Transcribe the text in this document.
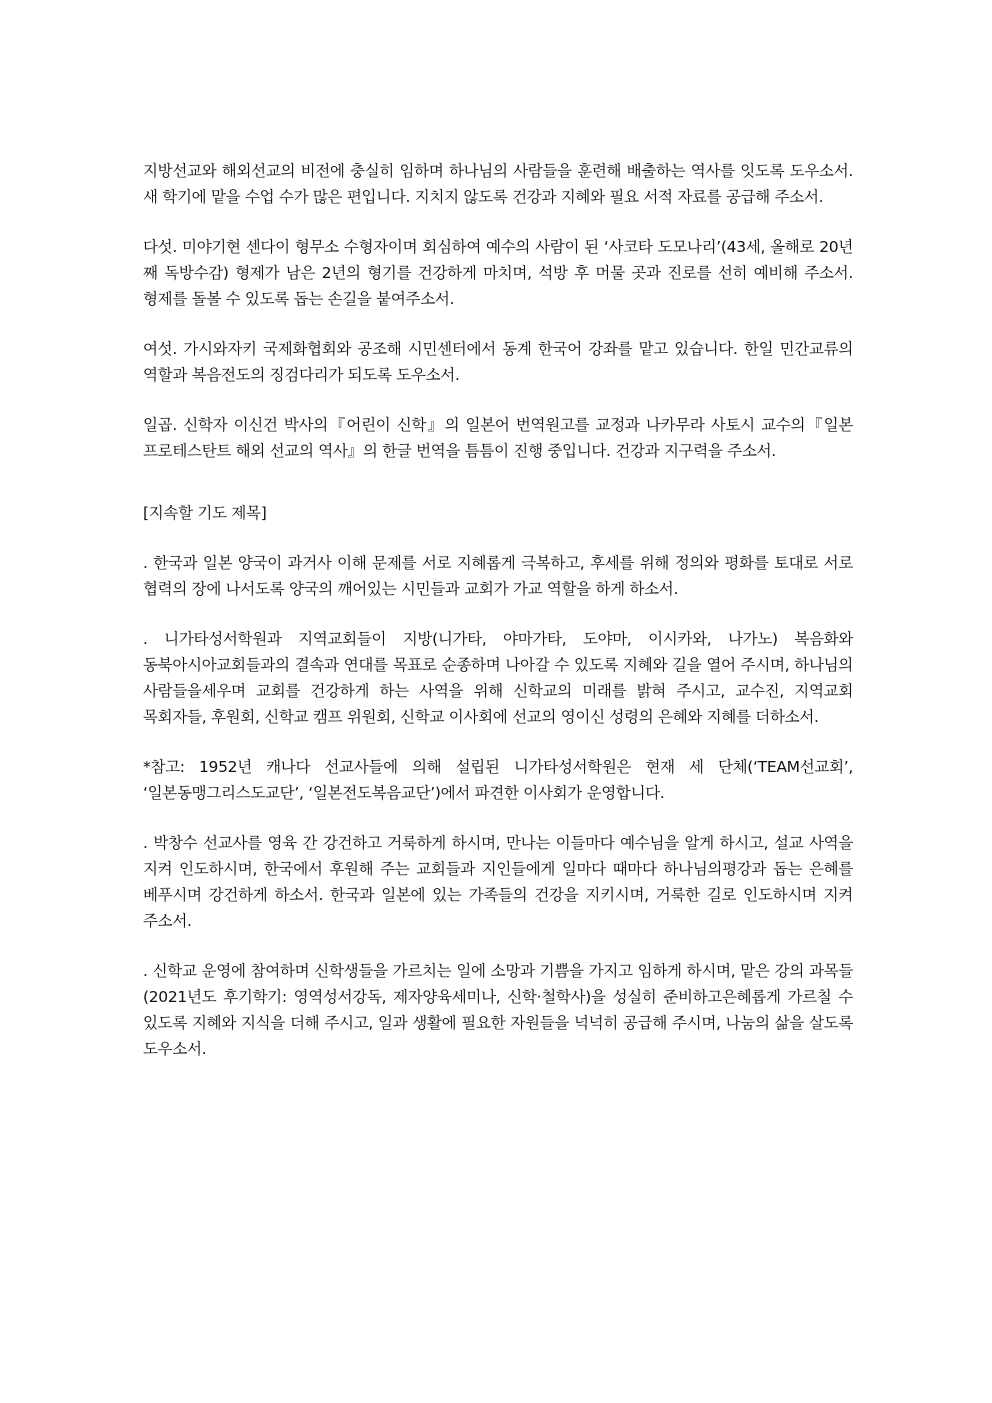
지방선교와 해외선교의 비전에 충실히 임하며 하나님의 사람들을 훈련해 배출하는 역사를 잇도록 도우소서. 새 학기에 맡을 수업 수가 많은 편입니다. 지치지 않도록 건강과 지혜와 필요 서적 자료를 공급해 주소서.

다섯. 미야기현 센다이 형무소 수형자이며 회심하여 예수의 사람이 된 ‘사코타 도모나리’(43세, 올해로 20년 째 독방수감) 형제가 남은 2년의 형기를 건강하게 마치며, 석방 후 머물 곳과 진로를 선히 예비해 주소서. 형제를 돌볼 수 있도록 돕는 손길을 붙여주소서.

여섯. 가시와자키 국제화협회와 공조해 시민센터에서 동계 한국어 강좌를 맡고 있습니다. 한일 민간교류의 역할과 복음전도의 징검다리가 되도록 도우소서.

일곱. 신학자 이신건 박사의『어린이 신학』의 일본어 번역원고를 교정과 나카무라 사토시 교수의『일본 프로테스탄트 해외 선교의 역사』의 한글 번역을 틈틈이 진행 중입니다. 건강과 지구력을 주소서.

[지속할 기도 제목]

. 한국과 일본 양국이 과거사 이해 문제를 서로 지혜롭게 극복하고, 후세를 위해 정의와 평화를 토대로 서로 협력의 장에 나서도록 양국의 깨어있는 시민들과 교회가 가교 역할을 하게 하소서.

. 니가타성서학원과 지역교회들이 지방(니가타, 야마가타, 도야마, 이시카와, 나가노) 복음화와 동북아시아교회들과의 결속과 연대를 목표로 순종하며 나아갈 수 있도록 지혜와 길을 열어 주시며, 하나님의 사람들을세우며 교회를 건강하게 하는 사역을 위해 신학교의 미래를 밝혀 주시고, 교수진, 지역교회 목회자들, 후원회, 신학교 캠프 위원회, 신학교 이사회에 선교의 영이신 성령의 은혜와 지혜를 더하소서.

*참고: 1952년 캐나다 선교사들에 의해 설립된 니가타성서학원은 현재 세 단체(‘TEAM선교회’, ‘일본동맹그리스도교단’, ‘일본전도복음교단’)에서 파견한 이사회가 운영합니다.

. 박창수 선교사를 영육 간 강건하고 거룩하게 하시며, 만나는 이들마다 예수님을 알게 하시고, 설교 사역을 지켜 인도하시며, 한국에서 후원해 주는 교회들과 지인들에게 일마다 때마다 하나님의평강과 돕는 은혜를 베푸시며 강건하게 하소서. 한국과 일본에 있는 가족들의 건강을 지키시며, 거룩한 길로 인도하시며 지켜 주소서.

. 신학교 운영에 참여하며 신학생들을 가르치는 일에 소망과 기쁨을 가지고 임하게 하시며, 맡은 강의 과목들(2021년도 후기학기: 영역성서강독, 제자양육세미나, 신학·철학사)을 성실히 준비하고은혜롭게 가르칠 수 있도록 지혜와 지식을 더해 주시고, 일과 생활에 필요한 자원들을 넉넉히 공급해 주시며, 나눔의 삶을 살도록 도우소서.
